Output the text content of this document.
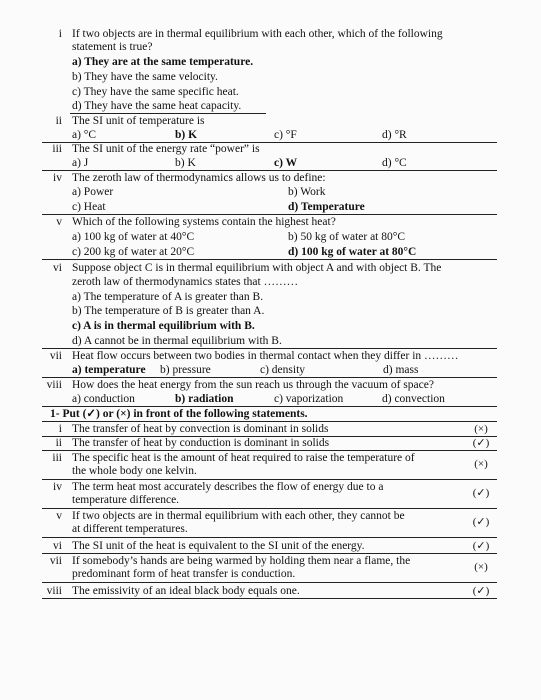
i If two objects are in thermal equilibrium with each other, which of the following
statement is true?
a) They are at the same temperature.
b) They have the same velocity.
c) They have the same specific heat.
d) They have the same heat capacity.
ii The SI unit of temperature is
a) °C	b) K	c) °F	d) °R
iii The SI unit of the energy rate “power” is
a) J	b) K	c) W	d) °C
iv The zeroth law of thermodynamics allows us to define:
a) Power	b) Work
c) Heat	d) Temperature
v Which of the following systems contain the highest heat?
a) 100 kg of water at 40°C	b) 50 kg of water at 80°C
c) 200 kg of water at 20°C	d) 100 kg of water at 80°C
vi Suppose object C is in thermal equilibrium with object A and with object B. The
zeroth law of thermodynamics states that ………
a) The temperature of A is greater than B.
b) The temperature of B is greater than A.
c) A is in thermal equilibrium with B.
d) A cannot be in thermal equilibrium with B.
vii Heat flow occurs between two bodies in thermal contact when they differ in ………
a) temperature b) pressure	c) density	d) mass
viii How does the heat energy from the sun reach us through the vacuum of space?
a) conduction	b) radiation	c) vaporization	d) convection
1- Put (✓) or (×) in front of the following statements.
i The transfer of heat by convection is dominant in solids	(×)
ii The transfer of heat by conduction is dominant in solids	(✓)
iii The specific heat is the amount of heat required to raise the temperature of
the whole body one kelvin.
(×)
iv The term heat most accurately describes the flow of energy due to a
temperature difference.
(✓)
v If two objects are in thermal equilibrium with each other, they cannot be
at different temperatures.
(✓)
vi The SI unit of the heat is equivalent to the SI unit of the energy.	(✓)
vii If somebody’s hands are being warmed by holding them near a flame, the
predominant form of heat transfer is conduction.
(×)
viii The emissivity of an ideal black body equals one.	(✓)
